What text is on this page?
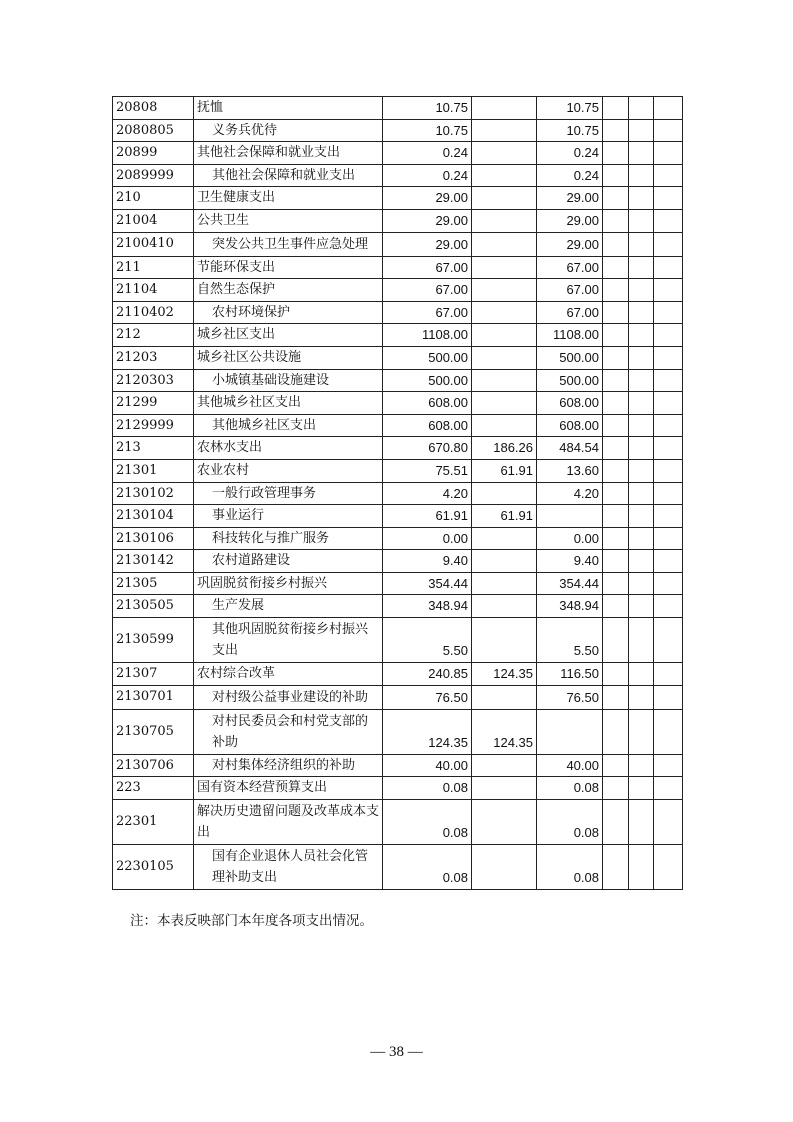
20808	抚恤	10.75		10.75			
2080805	义务兵优待	10.75		10.75			
20899	其他社会保障和就业支出	0.24		0.24			
2089999	其他社会保障和就业支出	0.24		0.24			
210	卫生健康支出	29.00		29.00			
21004	公共卫生	29.00		29.00			
2100410	突发公共卫生事件应急处理	29.00		29.00			
211	节能环保支出	67.00		67.00			
21104	自然生态保护	67.00		67.00			
2110402	农村环境保护	67.00		67.00			
212	城乡社区支出	1108.00		1108.00			
21203	城乡社区公共设施	500.00		500.00			
2120303	小城镇基础设施建设	500.00		500.00			
21299	其他城乡社区支出	608.00		608.00			
2129999	其他城乡社区支出	608.00		608.00			
213	农林水支出	670.80	186.26	484.54			
21301	农业农村	75.51	61.91	13.60			
2130102	一般行政管理事务	4.20		4.20			
2130104	事业运行	61.91	61.91				
2130106	科技转化与推广服务	0.00		0.00			
2130142	农村道路建设	9.40		9.40			
21305	巩固脱贫衔接乡村振兴	354.44		354.44			
2130505	生产发展	348.94		348.94			
2130599	其他巩固脱贫衔接乡村振兴支出	5.50		5.50			
21307	农村综合改革	240.85	124.35	116.50			
2130701	对村级公益事业建设的补助	76.50		76.50			
2130705	对村民委员会和村党支部的补助	124.35	124.35				
2130706	对村集体经济组织的补助	40.00		40.00			
223	国有资本经营预算支出	0.08		0.08			
22301	解决历史遗留问题及改革成本支出	0.08		0.08			
2230105	国有企业退休人员社会化管理补助支出	0.08		0.08			
注：本表反映部门本年度各项支出情况。
— 38 —
